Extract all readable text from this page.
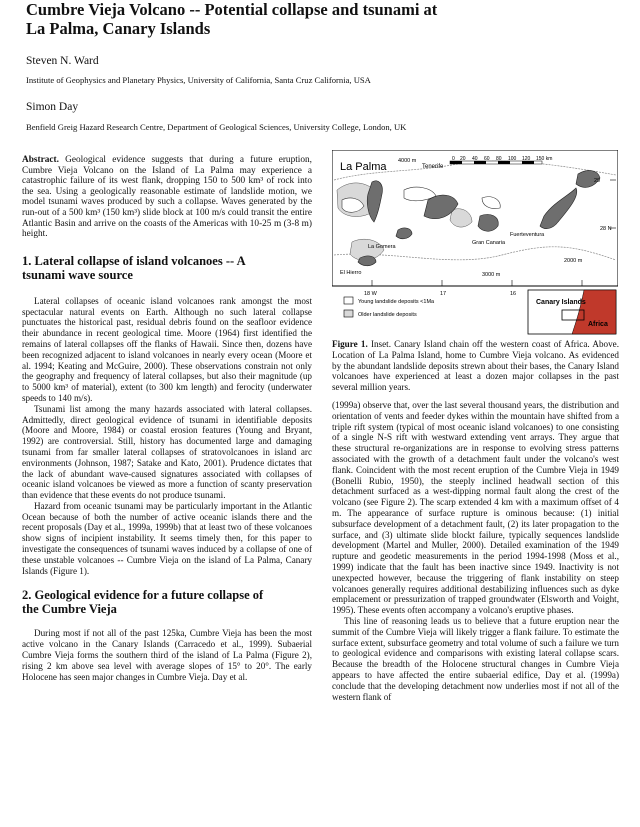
Cumbre Vieja Volcano -- Potential collapse and tsunami at
La Palma, Canary Islands
Steven N. Ward
Institute of Geophysics and Planetary Physics, University of California, Santa Cruz California, USA
Simon Day
Benfield Greig Hazard Research Centre, Department of Geological Sciences, University College, London, UK

Abstract. Geological evidence suggests that during a future eruption, Cumbre Vieja Volcano on the Island of La Palma may experience a catastrophic failure of its west flank, dropping 150 to 500 km³ of rock into the sea. Using a geologically reasonable estimate of landslide motion, we model tsunami waves produced by such a collapse. Waves generated by the run-out of a 500 km³ (150 km³) slide block at 100 m/s could transit the entire Atlantic Basin and arrive on the coasts of the Americas with 10-25 m (3-8 m) height.

1. Lateral collapse of island volcanoes -- A
tsunami wave source

Lateral collapses of oceanic island volcanoes rank amongst the most spectacular natural events on Earth. Although no such lateral collapse punctuates the historical past, residual debris found on the seafloor evidence their abundance in recent geological time. Moore (1964) first identified the remains of lateral collapses off the flanks of Hawaii. Since then, dozens have been recognized adjacent to island volcanoes in nearly every ocean (Moore et al. 1994; Keating and McGuire, 2000). These observations constrain not only the geography and frequency of lateral collapses, but also their magnitude (up to 5000 km³ of material), extent (to 300 km length) and ferocity (underwater speeds to 140 m/s).

Tsunami list among the many hazards associated with lateral collapses. Admittedly, direct geological evidence of tsunami in identifiable deposits (Moore and Moore, 1984) or coastal erosion features (Young and Bryant, 1992) are controversial. Still, history has documented large and damaging tsunami from far smaller lateral collapses of stratovolcanoes in island arc environments (Johnson, 1987; Satake and Kato, 2001). Prudence dictates that the lack of abundant wave-caused signatures associated with collapses of oceanic island volcanoes be viewed as more a function of scanty preservation than evidence that these events do not produce tsunami.

Hazard from oceanic tsunami may be particularly important in the Atlantic Ocean because of both the number of active oceanic islands there and the recent proposals (Day et al., 1999a, 1999b) that at least two of these volcanoes show signs of incipient instability. It seems timely then, for this paper to investigate the consequences of tsunami waves induced by a collapse of one of these unstable volcanoes -- Cumbre Vieja on the island of La Palma, Canary Islands (Figure 1).

2. Geological evidence for a future collapse of
the Cumbre Vieja

During most if not all of the past 125ka, Cumbre Vieja has been the most active volcano in the Canary Islands (Carracedo et al., 1999). Subaerial Cumbre Vieja forms the southern third of the island of La Palma (Figure 2), rising 2 km above sea level with average slopes of 15° to 20°. The early Holocene has seen major changes in Cumbre Vieja. Day et al.

La Palma 4000 m
Tenerife
0 20 40 60 80 100 120 150 km
Lanzarote
29
28 N
Gran Canaria
Fuerteventura
La Gomera
El Hierro	3000 m
2000 m
18 W	17	16
Young landslide deposits <1Ma
Older landslide deposits
Canary Islands
Africa

Figure 1. Inset. Canary Island chain off the western coast of Africa. Above. Location of La Palma Island, home to Cumbre Vieja volcano. As evidenced by the abundant landslide deposits strewn about their bases, the Canary Island volcanoes have experienced at least a dozen major collapses in the past several million years.

(1999a) observe that, over the last several thousand years, the distribution and orientation of vents and feeder dykes within the mountain have shifted from a triple rift system (typical of most oceanic island volcanoes) to one consisting of a single N-S rift with westward extending vent arrays. They argue that these structural re-organizations are in response to evolving stress patterns associated with the growth of a detachment fault under the volcano's west flank. Coincident with the most recent eruption of the Cumbre Vieja in 1949 (Bonelli Rubio, 1950), the steeply inclined headwall section of this detachment surfaced as a west-dipping normal fault along the crest of the volcano (see Figure 2). The scarp extended 4 km with a maximum offset of 4 m. The appearance of surface rupture is ominous because: (1) initial subsurface development of a detachment fault, (2) its later propagation to the surface, and (3) ultimate slide blockt failure, typically sequences landslide development (Martel and Muller, 2000). Detailed examination of the 1949 rupture and geodetic measurements in the period 1994-1998 (Moss et al., 1999) indicate that the fault has been inactive since 1949. Inactivity is not unexpected however, because the triggering of flank instability on steep volcanoes generally requires additional destabilizing influences such as dyke emplacement or pressurization of trapped groundwater (Elsworth and Voight, 1995). These events often accompany a volcano's eruptive phases.

This line of reasoning leads us to believe that a future eruption near the summit of the Cumbre Vieja will likely trigger a flank failure. To estimate the surface extent, subsurface geometry and total volume of such a failure we turn to geological evidence and comparisons with existing lateral collapse scars. Because the breadth of the Holocene structural changes in Cumbre Vieja appears to have affected the entire subaerial edifice, Day et al. (1999a) conclude that the developing detachment now underlies most if not all of the western flank of
